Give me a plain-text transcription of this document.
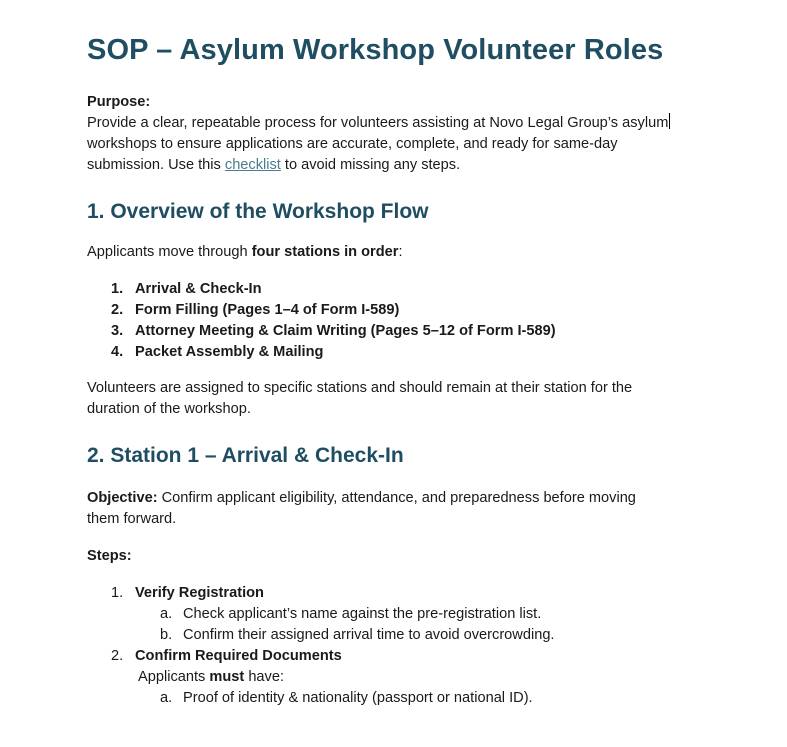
SOP – Asylum Workshop Volunteer Roles

Purpose:

Provide a clear, repeatable process for volunteers assisting at Novo Legal Group’s asylum

workshops to ensure applications are accurate, complete, and ready for same-day

submission. Use this checklist to avoid missing any steps.

1. Overview of the Workshop Flow

Applicants move through four stations in order:

1. Arrival & Check-In
2. Form Filling (Pages 1–4 of Form I-589)
3. Attorney Meeting & Claim Writing (Pages 5–12 of Form I-589)
4. Packet Assembly & Mailing

Volunteers are assigned to specific stations and should remain at their station for the

duration of the workshop.

2. Station 1 – Arrival & Check-In

Objective: Confirm applicant eligibility, attendance, and preparedness before moving

them forward.

Steps:

1. Verify Registration
a. Check applicant’s name against the pre-registration list.
b. Confirm their assigned arrival time to avoid overcrowding.
2. Confirm Required Documents
Applicants must have:
a. Proof of identity & nationality (passport or national ID).
